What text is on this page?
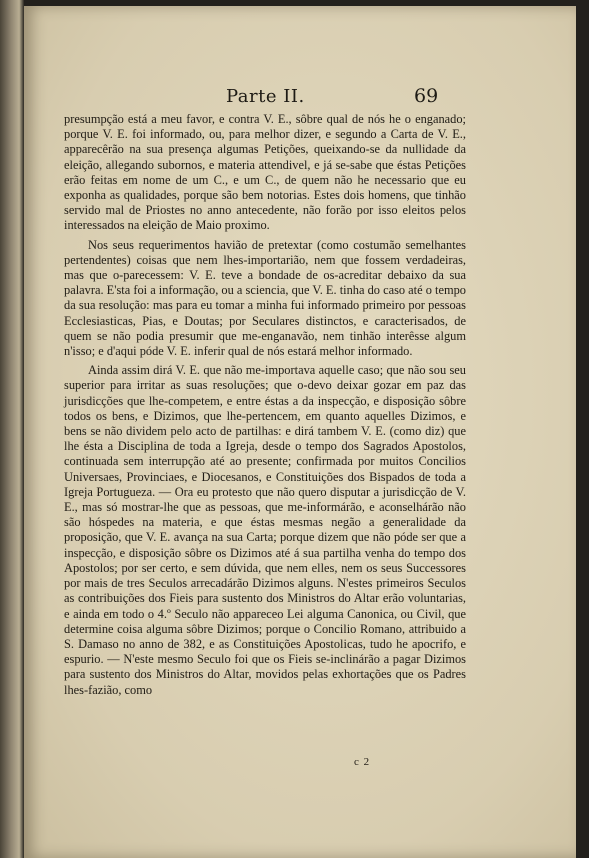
Parte II.	69

presumpção está a meu favor, e contra V. E., sôbre qual de nós he o enganado; porque V. E. foi informado, ou, para melhor dizer, e segundo a Carta de V. E., apparecêrão na sua presença algumas Petições, queixando-se da nullidade da eleição, allegando subornos, e materia attendivel, e já se-sabe que éstas Petições erão feitas em nome de um C., e um C., de quem não he necessario que eu exponha as qualidades, porque são bem notorias. Estes dois homens, que tinhão servido mal de Priostes no anno antecedente, não forão por isso eleitos pelos interessados na eleição de Maio proximo.

Nos seus requerimentos havião de pretextar (como costumão semelhantes pertendentes) coisas que nem lhes-importarião, nem que fossem verdadeiras, mas que o-parecessem: V. E. teve a bondade de os-acreditar debaixo da sua palavra. E'sta foi a informação, ou a sciencia, que V. E. tinha do caso até o tempo da sua resolução: mas para eu tomar a minha fui informado primeiro por pessoas Ecclesiasticas, Pias, e Doutas; por Seculares distinctos, e caracterisados, de quem se não podia presumir que me-enganavão, nem tinhão interêsse algum n'isso; e d'aqui póde V. E. inferir qual de nós estará melhor informado.

Ainda assim dirá V. E. que não me-importava aquelle caso; que não sou seu superior para irritar as suas resoluções; que o-devo deixar gozar em paz das jurisdicções que lhe-competem, e entre éstas a da inspecção, e disposição sôbre todos os bens, e Dizimos, que lhe-pertencem, em quanto aquelles Dizimos, e bens se não dividem pelo acto de partilhas: e dirá tambem V. E. (como diz) que lhe ésta a Disciplina de toda a Igreja, desde o tempo dos Sagrados Apostolos, continuada sem interrupção até ao presente; confirmada por muitos Concilios Universaes, Provinciaes, e Diocesanos, e Constituições dos Bispados de toda a Igreja Portugueza. — Ora eu protesto que não quero disputar a jurisdicção de V. E., mas só mostrar-lhe que as pessoas, que me-informárão, e aconselhárão não são hóspedes na materia, e que éstas mesmas negão a generalidade da proposição, que V. E. avança na sua Carta; porque dizem que não póde ser que a inspecção, e disposição sôbre os Dizimos até á sua partilha venha do tempo dos Apostolos; por ser certo, e sem dúvida, que nem elles, nem os seus Successores por mais de tres Seculos arrecadárão Dizimos alguns. N'estes primeiros Seculos as contribuições dos Fieis para sustento dos Ministros do Altar erão voluntarias, e ainda em todo o 4.º Seculo não appareceo Lei alguma Canonica, ou Civil, que determine coisa alguma sôbre Dizimos; porque o Concilio Romano, attribuido a S. Damaso no anno de 382, e as Constituições Apostolicas, tudo he apocrifo, e espurio. — N'este mesmo Seculo foi que os Fieis se-inclinárão a pagar Dizimos para sustento dos Ministros do Altar, movidos pelas exhortações que os Padres lhes-fazião, como

c 2
